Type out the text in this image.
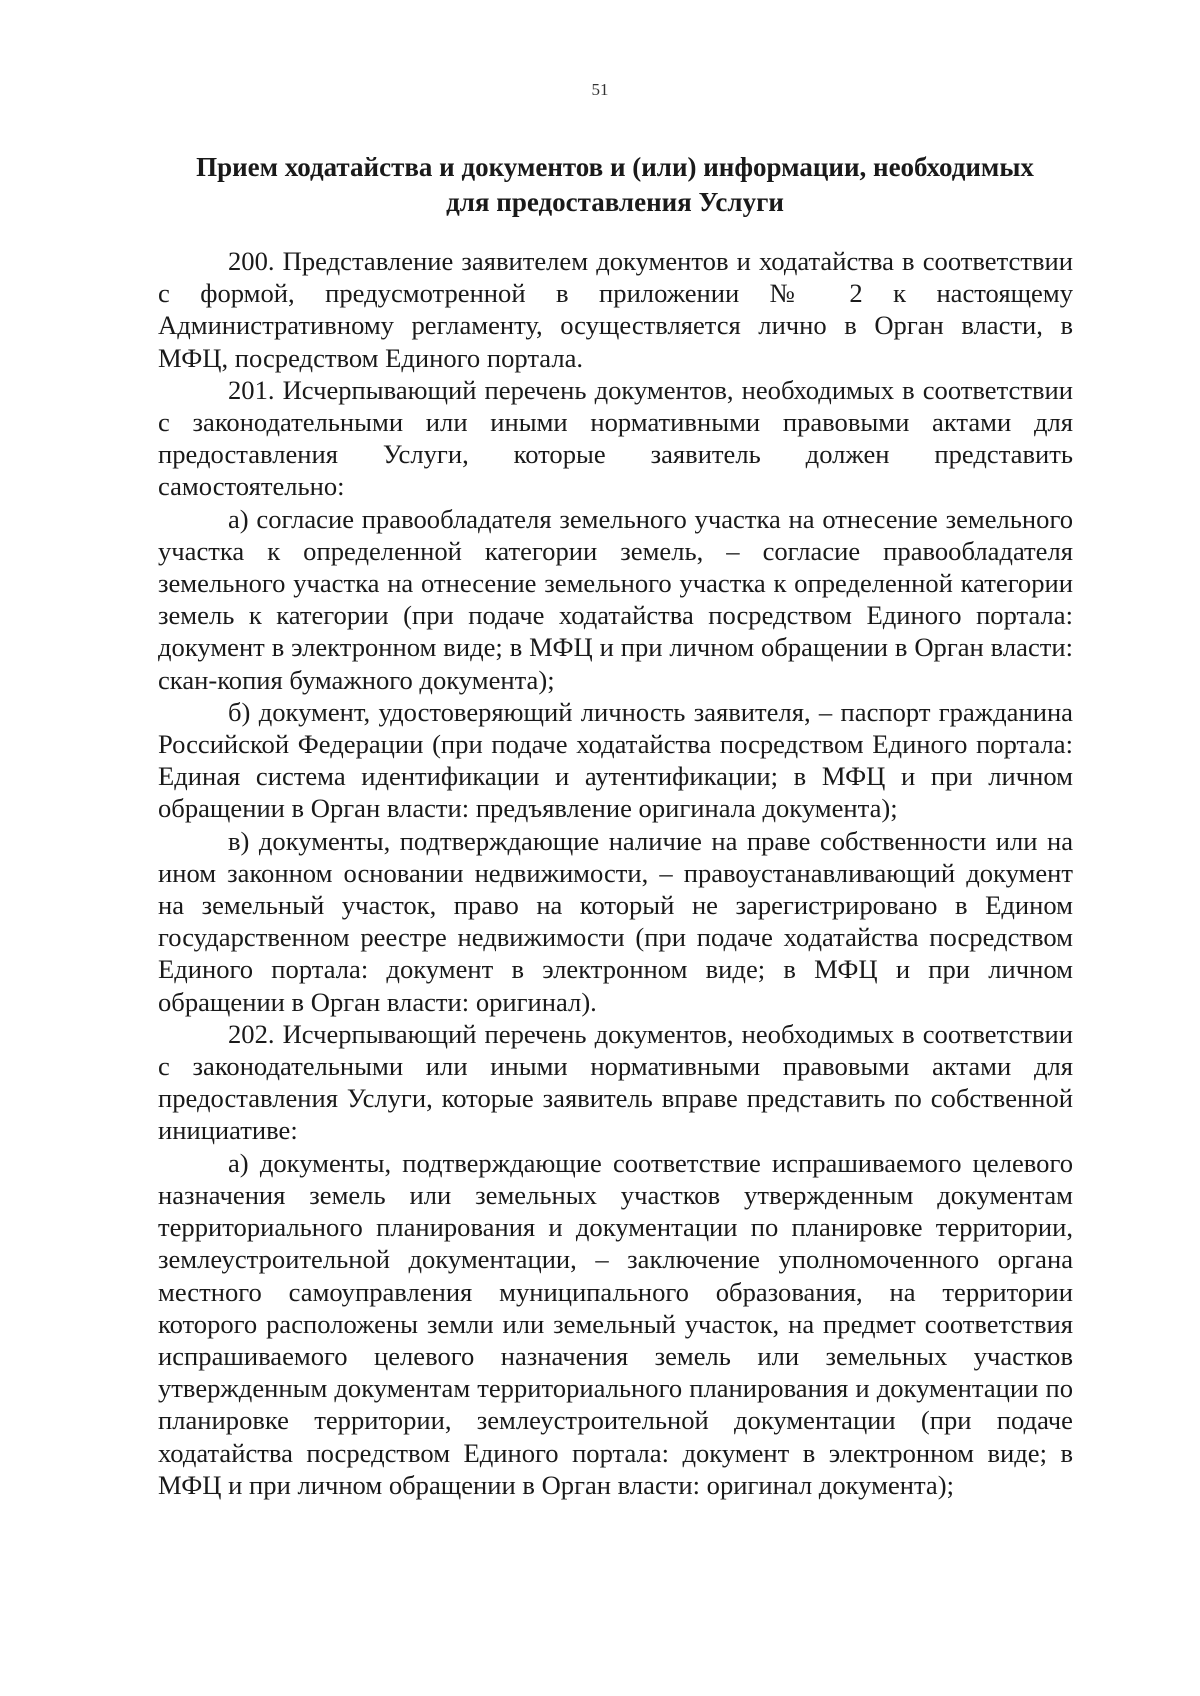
51
Прием ходатайства и документов и (или) информации, необходимых
для предоставления Услуги

200. Представление заявителем документов и ходатайства в соответствии с формой, предусмотренной в приложении № 2 к настоящему Административному регламенту, осуществляется лично в Орган власти, в МФЦ, посредством Единого портала.

201. Исчерпывающий перечень документов, необходимых в соответствии с законодательными или иными нормативными правовыми актами для предоставления Услуги, которые заявитель должен представить самостоятельно:

а) согласие правообладателя земельного участка на отнесение земельного участка к определенной категории земель, – согласие правообладателя земельного участка на отнесение земельного участка к определенной категории земель к категории (при подаче ходатайства посредством Единого портала: документ в электронном виде; в МФЦ и при личном обращении в Орган власти: скан-копия бумажного документа);

б) документ, удостоверяющий личность заявителя, – паспорт гражданина Российской Федерации (при подаче ходатайства посредством Единого портала: Единая система идентификации и аутентификации; в МФЦ и при личном обращении в Орган власти: предъявление оригинала документа);

в) документы, подтверждающие наличие на праве собственности или на ином законном основании недвижимости, – правоустанавливающий документ на земельный участок, право на который не зарегистрировано в Едином государственном реестре недвижимости (при подаче ходатайства посредством Единого портала: документ в электронном виде; в МФЦ и при личном обращении в Орган власти: оригинал).

202. Исчерпывающий перечень документов, необходимых в соответствии с законодательными или иными нормативными правовыми актами для предоставления Услуги, которые заявитель вправе представить по собственной инициативе:

а) документы, подтверждающие соответствие испрашиваемого целевого назначения земель или земельных участков утвержденным документам территориального планирования и документации по планировке территории, землеустроительной документации, – заключение уполномоченного органа местного самоуправления муниципального образования, на территории которого расположены земли или земельный участок, на предмет соответствия испрашиваемого целевого назначения земель или земельных участков утвержденным документам территориального планирования и документации по планировке территории, землеустроительной документации (при подаче ходатайства посредством Единого портала: документ в электронном виде; в МФЦ и при личном обращении в Орган власти: оригинал документа);
